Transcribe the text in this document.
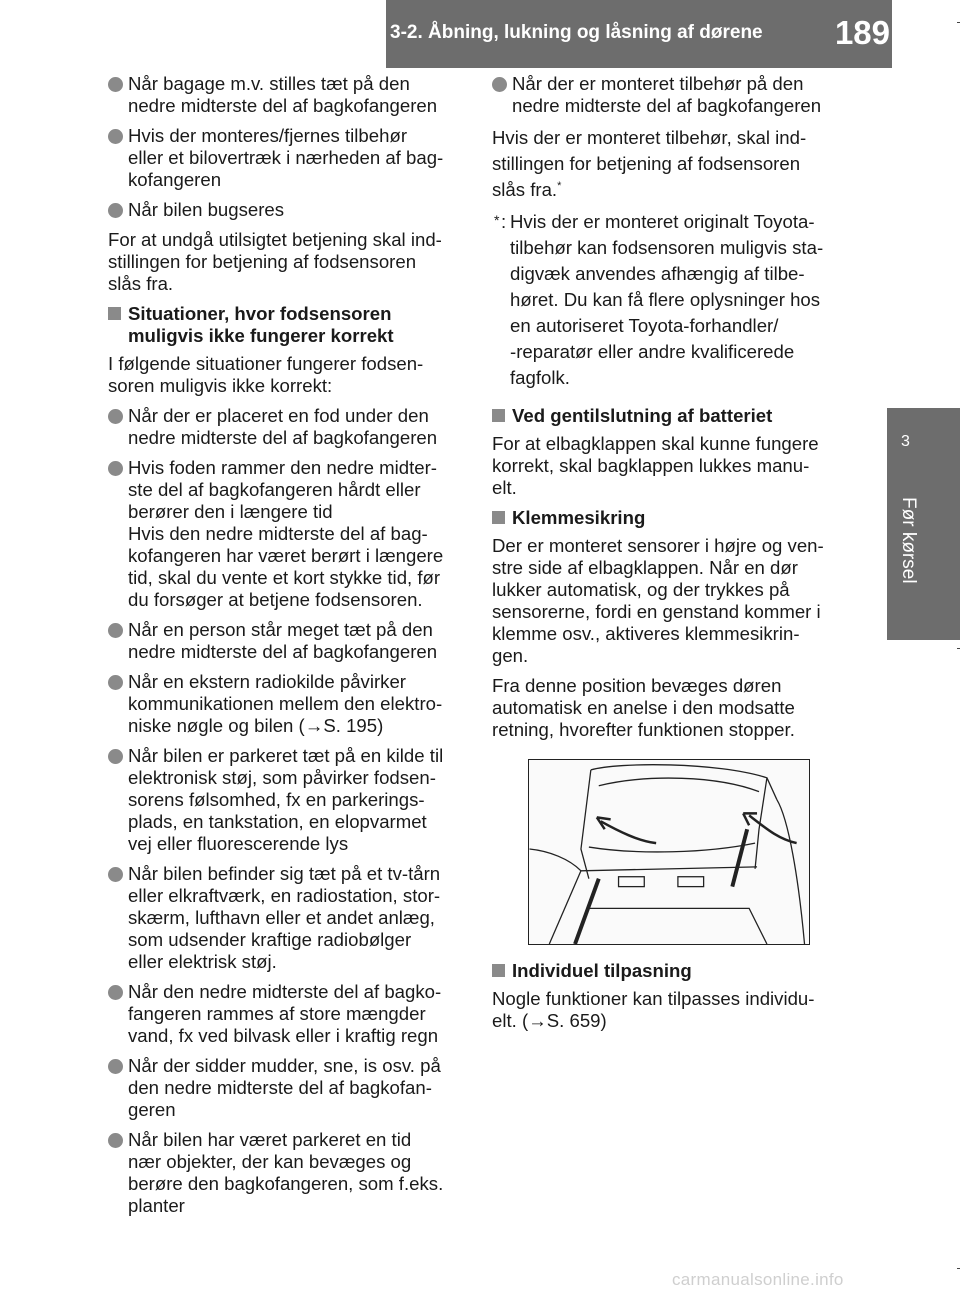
3-2. Åbning, lukning og låsning af dørene	189
3
Før kørsel
Når bagage m.v. stilles tæt på den
nedre midterste del af bagkofangeren
Hvis der monteres/fjernes tilbehør
eller et bilovertræk i nærheden af bag-
kofangeren
Når bilen bugseres
For at undgå utilsigtet betjening skal ind-
stillingen for betjening af fodsensoren
slås fra.
Situationer, hvor fodsensoren
muligvis ikke fungerer korrekt
I følgende situationer fungerer fodsen-
soren muligvis ikke korrekt:
Når der er placeret en fod under den
nedre midterste del af bagkofangeren
Hvis foden rammer den nedre midter-
ste del af bagkofangeren hårdt eller
berører den i længere tid
Hvis den nedre midterste del af bag-
kofangeren har været berørt i længere
tid, skal du vente et kort stykke tid, før
du forsøger at betjene fodsensoren.
Når en person står meget tæt på den
nedre midterste del af bagkofangeren
Når en ekstern radiokilde påvirker
kommunikationen mellem den elektro-
niske nøgle og bilen (→S. 195)
Når bilen er parkeret tæt på en kilde til
elektronisk støj, som påvirker fodsen-
sorens følsomhed, fx en parkerings-
plads, en tankstation, en elopvarmet
vej eller fluorescerende lys
Når bilen befinder sig tæt på et tv-tårn
eller elkraftværk, en radiostation, stor-
skærm, lufthavn eller et andet anlæg,
som udsender kraftige radiobølger
eller elektrisk støj.
Når den nedre midterste del af bagko-
fangeren rammes af store mængder
vand, fx ved bilvask eller i kraftig regn
Når der sidder mudder, sne, is osv. på
den nedre midterste del af bagkofan-
geren
Når bilen har været parkeret en tid
nær objekter, der kan bevæges og
berøre den bagkofangeren, som f.eks.
planter
Når der er monteret tilbehør på den
nedre midterste del af bagkofangeren
Hvis der er monteret tilbehør, skal ind-
stillingen for betjening af fodsensoren
slås fra.*
* : Hvis der er monteret originalt Toyota-
tilbehør kan fodsensoren muligvis sta-
digvæk anvendes afhængig af tilbe-
høret. Du kan få flere oplysninger hos
en autoriseret Toyota-forhandler/
-reparatør eller andre kvalificerede
fagfolk.
Ved gentilslutning af batteriet
For at elbagklappen skal kunne fungere
korrekt, skal bagklappen lukkes manu-
elt.
Klemmesikring
Der er monteret sensorer i højre og ven-
stre side af elbagklappen. Når en dør
lukker automatisk, og der trykkes på
sensorerne, fordi en genstand kommer i
klemme osv., aktiveres klemmesikrin-
gen.
Fra denne position bevæges døren
automatisk en anelse i den modsatte
retning, hvorefter funktionen stopper.
Individuel tilpasning
Nogle funktioner kan tilpasses individu-
elt. (→S. 659)
carmanualsonline.info
